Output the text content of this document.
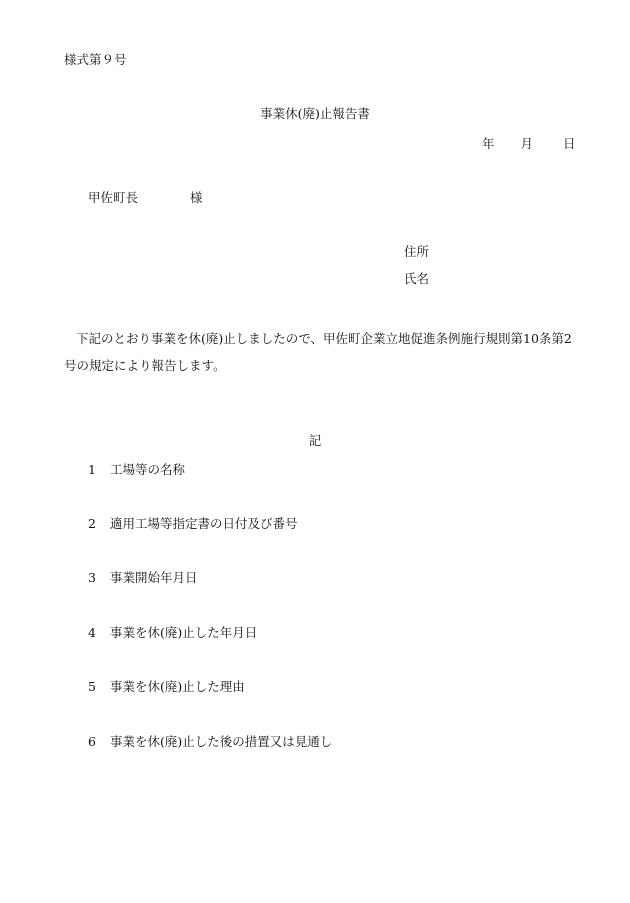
様式第９号
事業休(廃)止報告書
年 月 日
甲佐町長	様
住所
氏名
下記のとおり事業を休(廃)止しましたので、甲佐町企業立地促進条例施行規則第10条第2号の規定により報告します。
記
1 工場等の名称
2 適用工場等指定書の日付及び番号
3 事業開始年月日
4 事業を休(廃)止した年月日
5 事業を休(廃)止した理由
6 事業を休(廃)止した後の措置又は見通し
